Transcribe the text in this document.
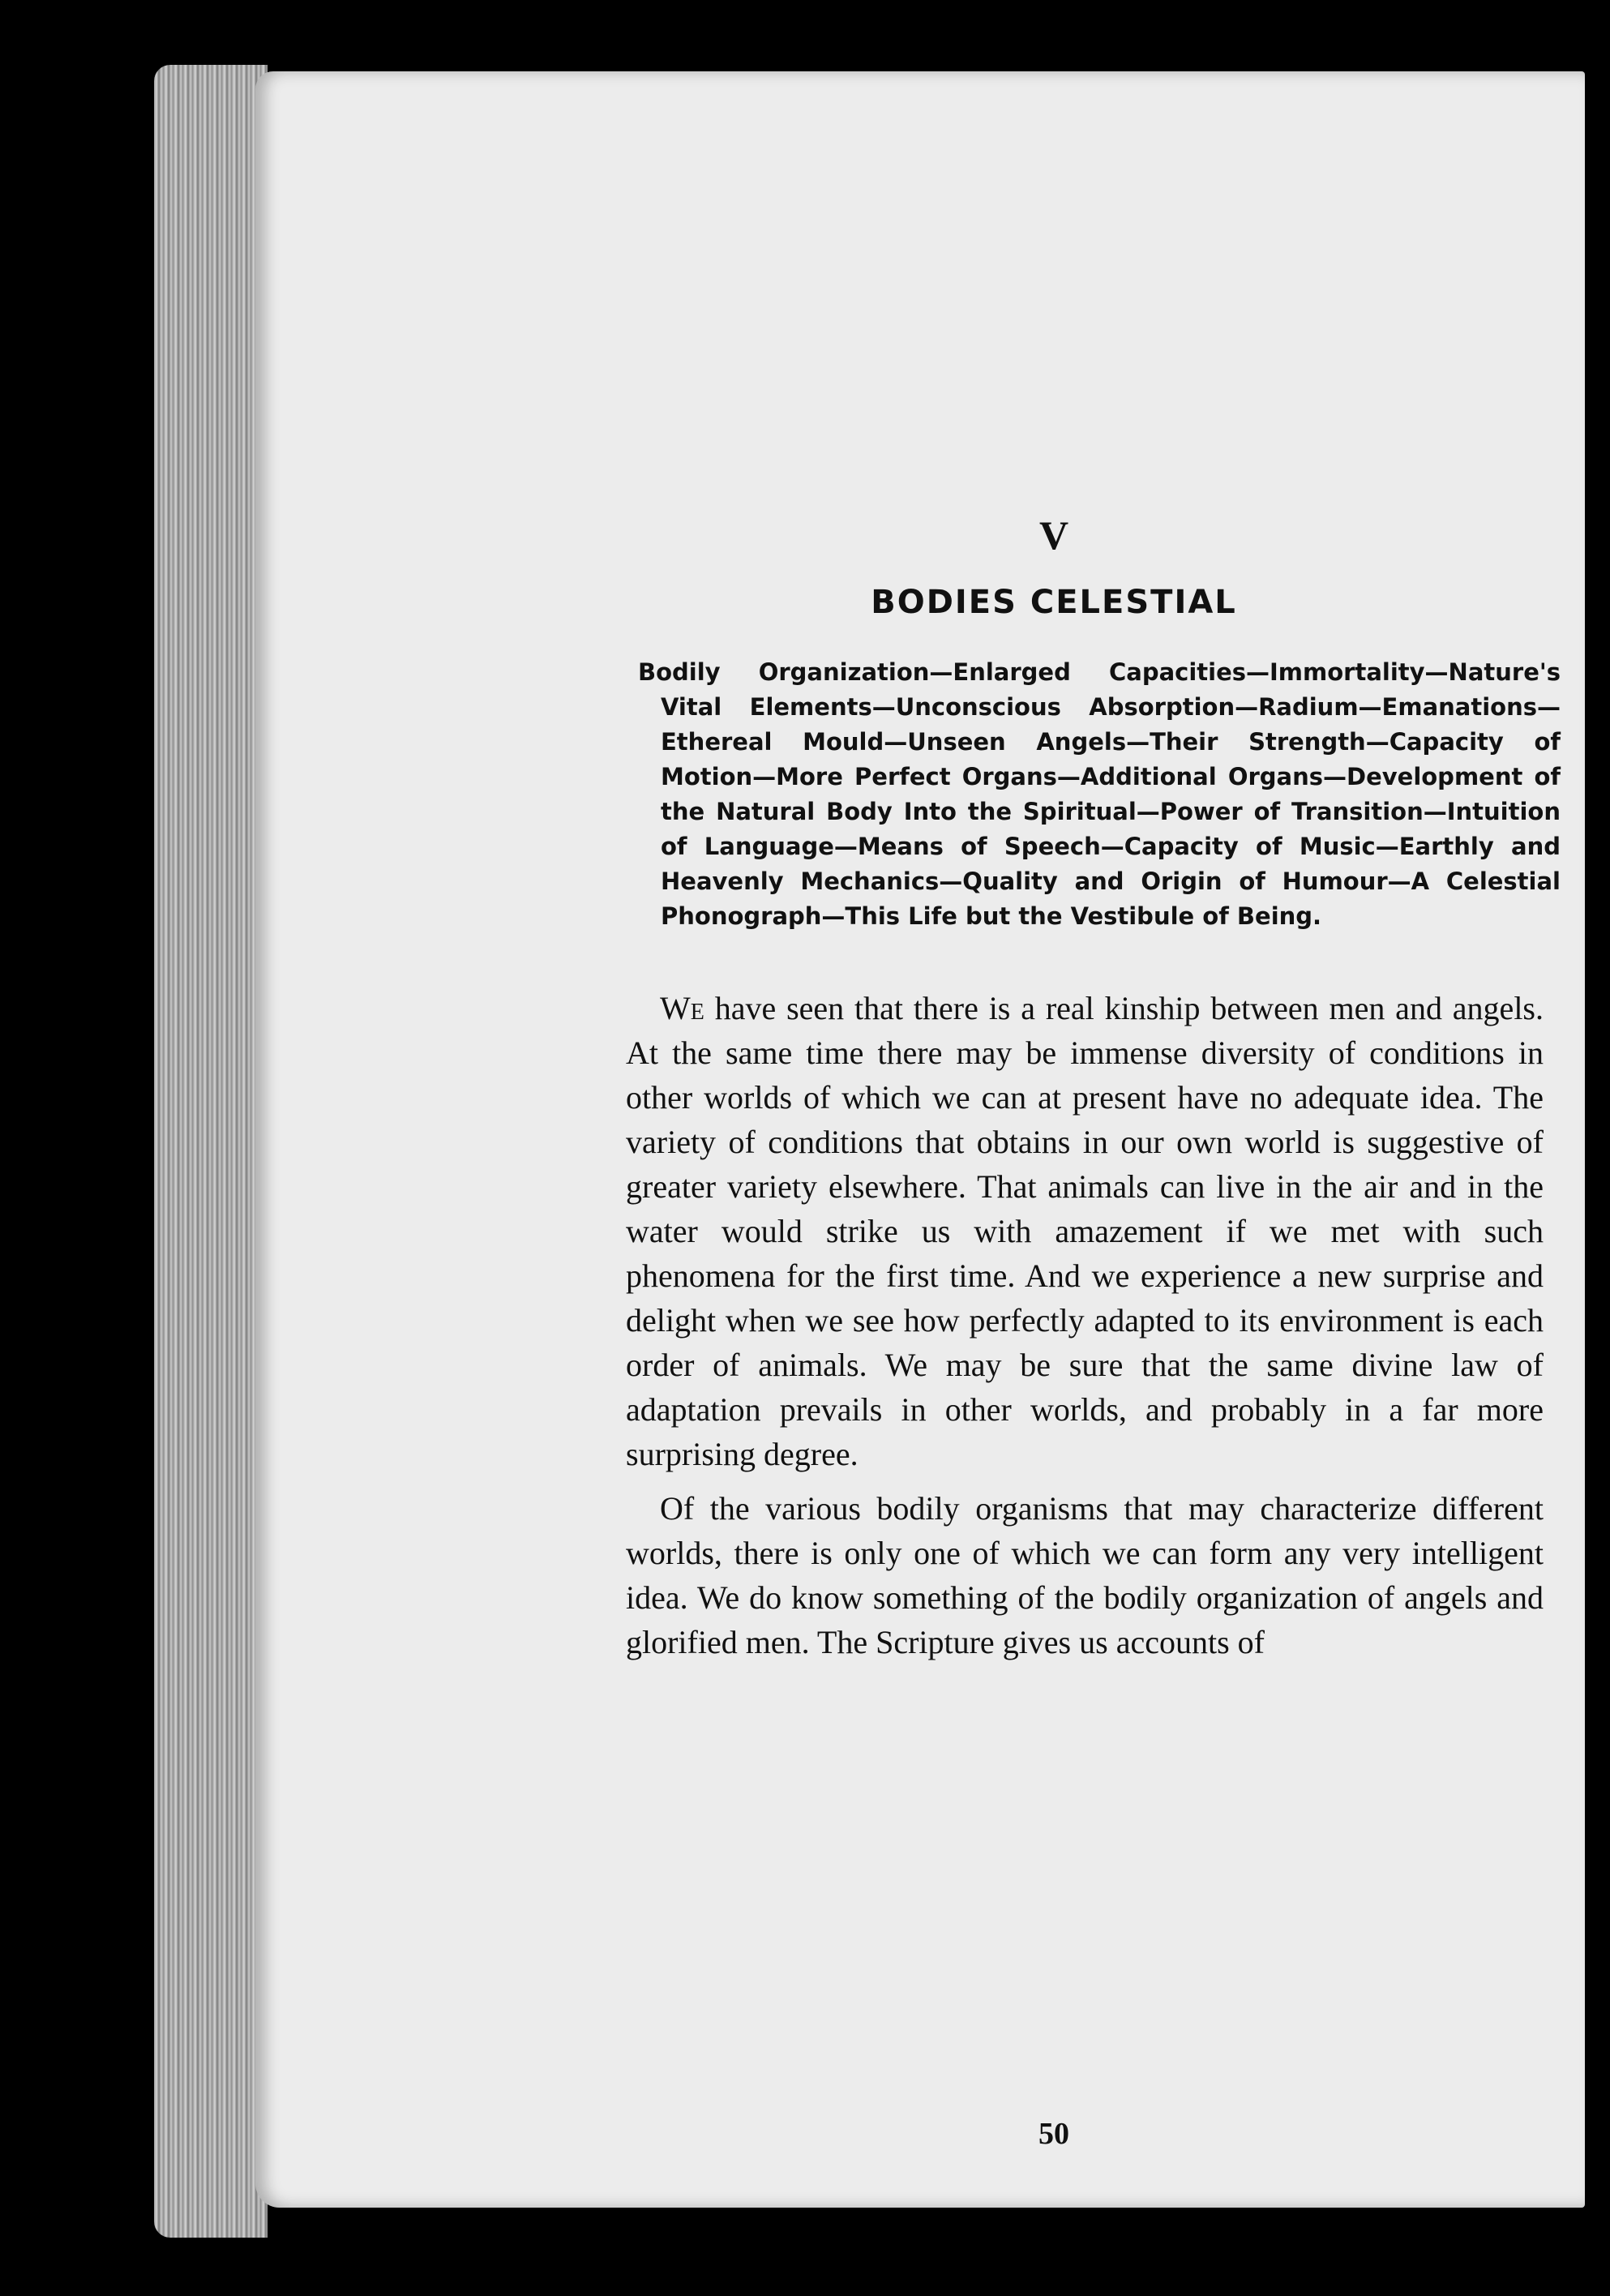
V
BODIES CELESTIAL
Bodily Organization—Enlarged Capacities—Immortality—Nature's Vital Elements—Unconscious Absorption—Radium—Emanations—Ethereal Mould—Unseen Angels—Their Strength—Capacity of Motion—More Perfect Organs—Additional Organs—Development of the Natural Body Into the Spiritual—Power of Transition—Intuition of Language—Means of Speech—Capacity of Music—Earthly and Heavenly Mechanics—Quality and Origin of Humour—A Celestial Phonograph—This Life but the Vestibule of Being.

We have seen that there is a real kinship between men and angels. At the same time there may be immense diversity of conditions in other worlds of which we can at present have no adequate idea. The variety of conditions that obtains in our own world is suggestive of greater variety elsewhere. That animals can live in the air and in the water would strike us with amazement if we met with such phenomena for the first time. And we experience a new surprise and delight when we see how perfectly adapted to its environment is each order of animals. We may be sure that the same divine law of adaptation prevails in other worlds, and probably in a far more surprising degree.

Of the various bodily organisms that may characterize different worlds, there is only one of which we can form any very intelligent idea. We do know something of the bodily organization of angels and glorified men. The Scripture gives us accounts of

50
